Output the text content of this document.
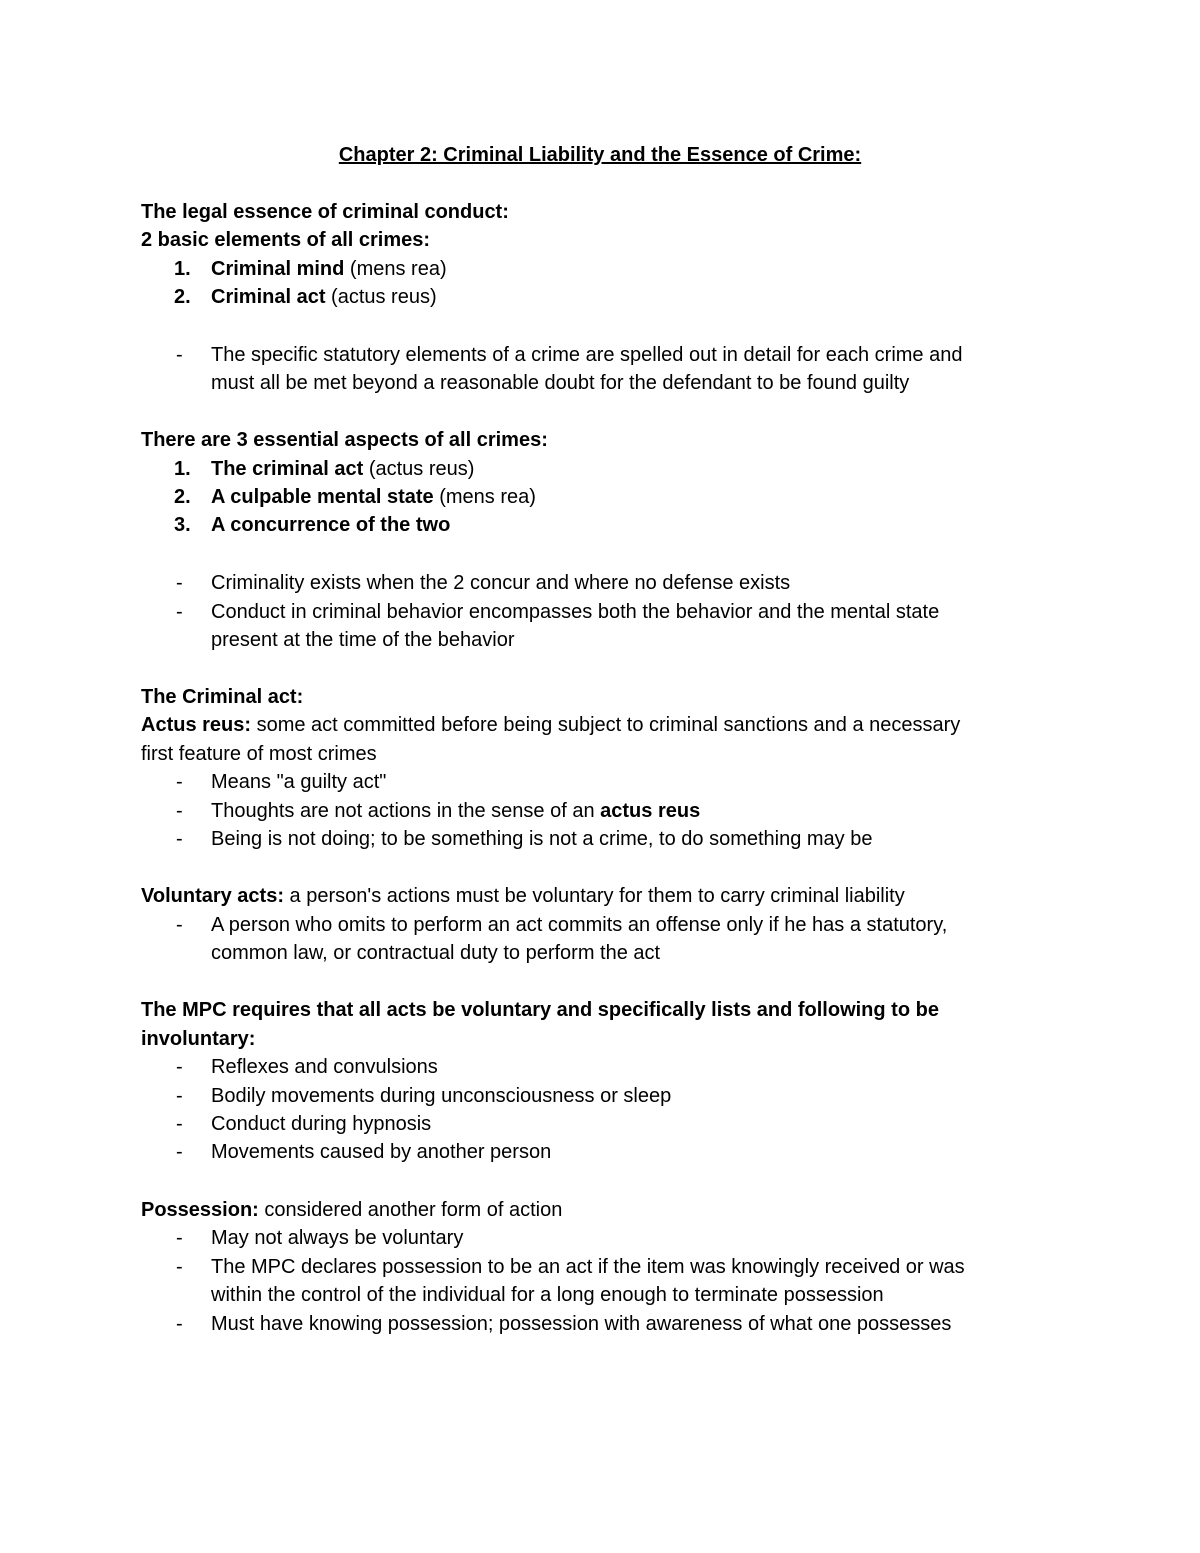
Chapter 2: Criminal Liability and the Essence of Crime:

The legal essence of criminal conduct:

2 basic elements of all crimes:

1. Criminal mind (mens rea)

2. Criminal act (actus reus)

- The specific statutory elements of a crime are spelled out in detail for each crime and

must all be met beyond a reasonable doubt for the defendant to be found guilty

There are 3 essential aspects of all crimes:

1. The criminal act (actus reus)

2. A culpable mental state (mens rea)

3. A concurrence of the two

- Criminality exists when the 2 concur and where no defense exists

- Conduct in criminal behavior encompasses both the behavior and the mental state

present at the time of the behavior

The Criminal act:

Actus reus: some act committed before being subject to criminal sanctions and a necessary

first feature of most crimes

- Means "a guilty act"

- Thoughts are not actions in the sense of an actus reus

- Being is not doing; to be something is not a crime, to do something may be

Voluntary acts: a person's actions must be voluntary for them to carry criminal liability

- A person who omits to perform an act commits an offense only if he has a statutory,

common law, or contractual duty to perform the act

The MPC requires that all acts be voluntary and specifically lists and following to be

involuntary:

- Reflexes and convulsions

- Bodily movements during unconsciousness or sleep

- Conduct during hypnosis

- Movements caused by another person

Possession: considered another form of action

- May not always be voluntary

- The MPC declares possession to be an act if the item was knowingly received or was

within the control of the individual for a long enough to terminate possession

- Must have knowing possession; possession with awareness of what one possesses
